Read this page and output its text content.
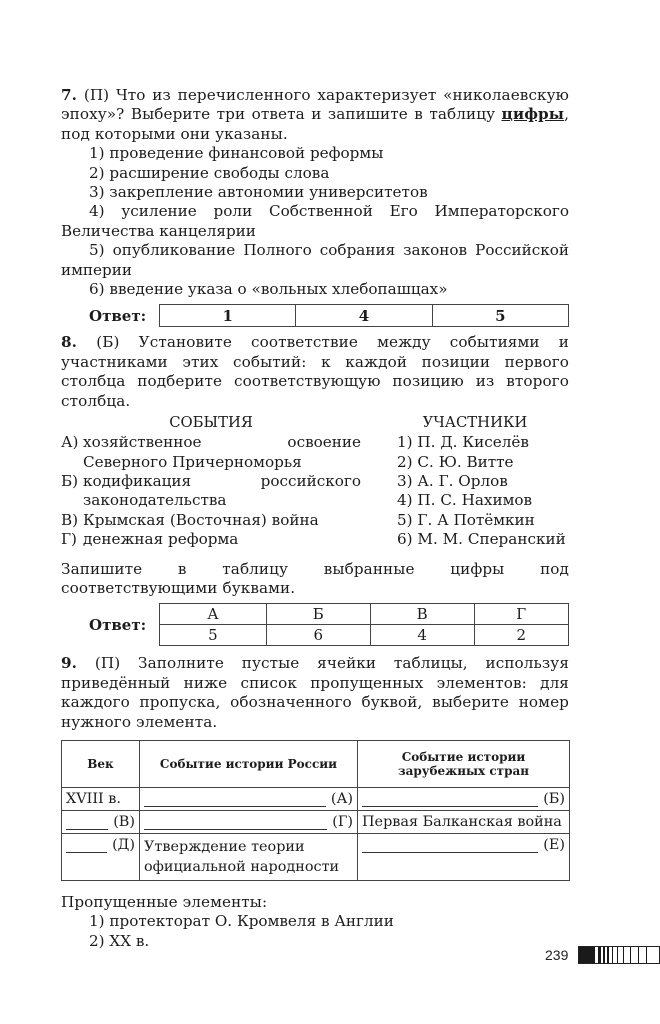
7. (П) Что из перечисленного характеризует «николаевскую эпоху»? Выберите три ответа и запишите в таблицу цифры, под которыми они указаны.

1) проведение финансовой реформы

2) расширение свободы слова

3) закрепление автономии университетов

4) усиление роли Собственной Его Императорского Величества канцелярии

5) опубликование Полного собрания законов Российской империи

6) введение указа о «вольных хлебопашцах»

Ответ:	1	4	5

8. (Б) Установите соответствие между событиями и участниками этих событий: к каждой позиции первого столбца подберите соответствующую позицию из второго столбца.

СОБЫТИЯ
А) хозяйственное освоение Северного Причерноморья
Б) кодификация российского законодательства
В) Крымская (Восточная) война
Г) денежная реформа
УЧАСТНИКИ
1) П. Д. Киселёв
2) С. Ю. Витте
3) А. Г. Орлов
4) П. С. Нахимов
5) Г. А Потёмкин
6) М. М. Сперанский

Запишите в таблицу выбранные цифры под соответствующими буквами.

Ответ:
А	Б	В	Г
5	6	4	2

9. (П) Заполните пустые ячейки таблицы, используя приведённый ниже список пропущенных элементов: для каждого пропуска, обозначенного буквой, выберите номер нужного элемента.

Век	Событие истории России	Событие истории зарубежных стран
XVIII в.	(А)	(Б)

(В)	(Г)	Первая Балканская война

(Д)	Утверждение теории официальной народности	(Е)

Пропущенные элементы:

1) протекторат О. Кромвеля в Англии

2) XX в.

239
